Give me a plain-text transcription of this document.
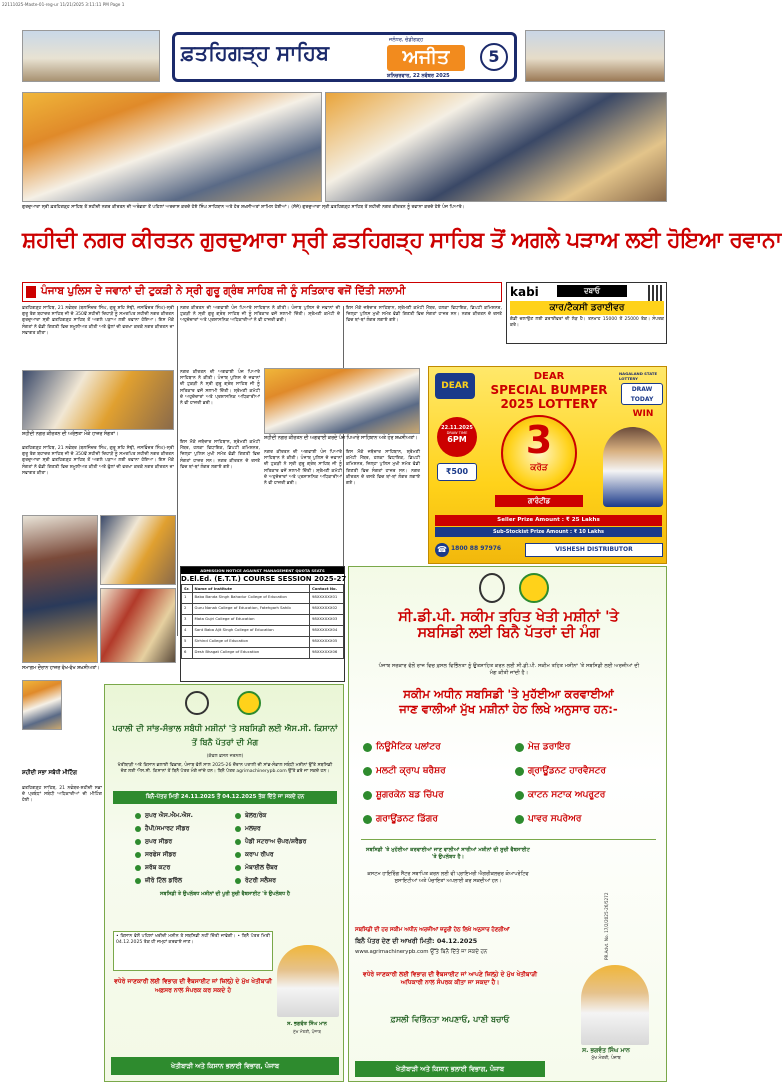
22111025-Maste-01-reg-ur 11/21/2025 3:11:11 PM Page 1
ਫ਼ਤਹਿਗੜ੍ਹ ਸਾਹਿਬ
ਜਲੰਧਰ, ਚੰਡੀਗੜ੍ਹ
ਅਜੀਤ
ਸ਼ਨਿਚਰਵਾਰ, 22 ਨਵੰਬਰ 2025
5
ਗੁਰਦੁਆਰਾ ਸ੍ਰੀ ਫ਼ਤਹਿਗੜ੍ਹ ਸਾਹਿਬ ਤੋਂ ਸ਼ਹੀਦੀ ਨਗਰ ਕੀਰਤਨ ਦੀ ਅਰੰਭਤਾ ਤੋਂ ਪਹਿਲਾਂ ਅਰਦਾਸ ਕਰਦੇ ਹੋਏ ਸਿੰਘ ਸਾਹਿਬਾਨ ਅਤੇ ਹੋਰ ਸ਼ਖ਼ਸੀਅਤਾਂ ਸ਼ਾਮਿਲ ਹੋਈਆਂ। (ਸੱਜੇ) ਗੁਰਦੁਆਰਾ ਸ੍ਰੀ ਫ਼ਤਹਿਗੜ੍ਹ ਸਾਹਿਬ ਤੋਂ ਸ਼ਹੀਦੀ ਨਗਰ ਕੀਰਤਨ ਨੂੰ ਰਵਾਨਾ ਕਰਦੇ ਹੋਏ ਪੰਜ ਪਿਆਰੇ।
ਸ਼ਹੀਦੀ ਨਗਰ ਕੀਰਤਨ ਗੁਰਦੁਆਰਾ ਸ੍ਰੀ ਫ਼ਤਹਿਗੜ੍ਹ ਸਾਹਿਬ ਤੋਂ ਅਗਲੇ ਪੜਾਅ ਲਈ ਹੋਇਆ ਰਵਾਨਾ
ਪੰਜਾਬ ਪੁਲਿਸ ਦੇ ਜਵਾਨਾਂ ਦੀ ਟੁਕੜੀ ਨੇ ਸ੍ਰੀ ਗੁਰੂ ਗ੍ਰੰਥ ਸਾਹਿਬ ਜੀ ਨੂੰ ਸਤਿਕਾਰ ਵਜੋਂ ਦਿੱਤੀ ਸਲਾਮੀ
ਫ਼ਤਹਿਗੜ੍ਹ ਸਾਹਿਬ, 21 ਨਵੰਬਰ (ਬਲਜਿੰਦਰ ਸਿੰਘ, ਗੁਰੂ ਸ਼ਹਿ ਸੋਢੀ, ਜਸਵਿੰਦਰ ਸਿੰਘ)-ਸ੍ਰੀ ਗੁਰੂ ਤੇਗ ਬਹਾਦਰ ਸਾਹਿਬ ਜੀ ਦੇ 350ਵੇਂ ਸ਼ਹੀਦੀ ਦਿਹਾੜੇ ਨੂੰ ਸਮਰਪਿਤ ਸ਼ਹੀਦੀ ਨਗਰ ਕੀਰਤਨ ਗੁਰਦੁਆਰਾ ਸ੍ਰੀ ਫ਼ਤਹਿਗੜ੍ਹ ਸਾਹਿਬ ਤੋਂ ਅਗਲੇ ਪੜਾਅ ਲਈ ਰਵਾਨਾ ਹੋਇਆ। ਇਸ ਮੌਕੇ ਸੰਗਤਾਂ ਨੇ ਵੱਡੀ ਗਿਣਤੀ ਵਿਚ ਸ਼ਮੂਲੀਅਤ ਕੀਤੀ ਅਤੇ ਫੁੱਲਾਂ ਦੀ ਵਰਖਾ ਕਰਕੇ ਨਗਰ ਕੀਰਤਨ ਦਾ ਸਵਾਗਤ ਕੀਤਾ।
ਨਗਰ ਕੀਰਤਨ ਦੀ ਅਗਵਾਈ ਪੰਜ ਪਿਆਰੇ ਸਾਹਿਬਾਨ ਨੇ ਕੀਤੀ। ਪੰਜਾਬ ਪੁਲਿਸ ਦੇ ਜਵਾਨਾਂ ਦੀ ਟੁਕੜੀ ਨੇ ਸ੍ਰੀ ਗੁਰੂ ਗ੍ਰੰਥ ਸਾਹਿਬ ਜੀ ਨੂੰ ਸਤਿਕਾਰ ਵਜੋਂ ਸਲਾਮੀ ਦਿੱਤੀ। ਸ਼੍ਰੋਮਣੀ ਕਮੇਟੀ ਦੇ ਅਹੁਦੇਦਾਰਾਂ ਅਤੇ ਪ੍ਰਸ਼ਾਸਨਿਕ ਅਧਿਕਾਰੀਆਂ ਨੇ ਵੀ ਹਾਜ਼ਰੀ ਭਰੀ।
ਇਸ ਮੌਕੇ ਜਥੇਦਾਰ ਸਾਹਿਬਾਨ, ਸ਼੍ਰੋਮਣੀ ਕਮੇਟੀ ਮੈਂਬਰ, ਹਲਕਾ ਵਿਧਾਇਕ, ਡਿਪਟੀ ਕਮਿਸ਼ਨਰ, ਜ਼ਿਲ੍ਹਾ ਪੁਲਿਸ ਮੁਖੀ ਸਮੇਤ ਵੱਡੀ ਗਿਣਤੀ ਵਿਚ ਸੰਗਤਾਂ ਹਾਜ਼ਰ ਸਨ। ਨਗਰ ਕੀਰਤਨ ਦੇ ਰਸਤੇ ਵਿਚ ਥਾਂ-ਥਾਂ ਲੰਗਰ ਲਗਾਏ ਗਏ।
ਸ਼ਹੀਦੀ ਨਗਰ ਕੀਰਤਨ ਦੀ ਅਰੰਭਤਾ ਮੌਕੇ ਹਾਜ਼ਰ ਸੰਗਤਾਂ।
ਫ਼ਤਹਿਗੜ੍ਹ ਸਾਹਿਬ, 21 ਨਵੰਬਰ (ਬਲਜਿੰਦਰ ਸਿੰਘ, ਗੁਰੂ ਸ਼ਹਿ ਸੋਢੀ, ਜਸਵਿੰਦਰ ਸਿੰਘ)-ਸ੍ਰੀ ਗੁਰੂ ਤੇਗ ਬਹਾਦਰ ਸਾਹਿਬ ਜੀ ਦੇ 350ਵੇਂ ਸ਼ਹੀਦੀ ਦਿਹਾੜੇ ਨੂੰ ਸਮਰਪਿਤ ਸ਼ਹੀਦੀ ਨਗਰ ਕੀਰਤਨ ਗੁਰਦੁਆਰਾ ਸ੍ਰੀ ਫ਼ਤਹਿਗੜ੍ਹ ਸਾਹਿਬ ਤੋਂ ਅਗਲੇ ਪੜਾਅ ਲਈ ਰਵਾਨਾ ਹੋਇਆ। ਇਸ ਮੌਕੇ ਸੰਗਤਾਂ ਨੇ ਵੱਡੀ ਗਿਣਤੀ ਵਿਚ ਸ਼ਮੂਲੀਅਤ ਕੀਤੀ ਅਤੇ ਫੁੱਲਾਂ ਦੀ ਵਰਖਾ ਕਰਕੇ ਨਗਰ ਕੀਰਤਨ ਦਾ ਸਵਾਗਤ ਕੀਤਾ।
ਨਗਰ ਕੀਰਤਨ ਦੀ ਅਗਵਾਈ ਪੰਜ ਪਿਆਰੇ ਸਾਹਿਬਾਨ ਨੇ ਕੀਤੀ। ਪੰਜਾਬ ਪੁਲਿਸ ਦੇ ਜਵਾਨਾਂ ਦੀ ਟੁਕੜੀ ਨੇ ਸ੍ਰੀ ਗੁਰੂ ਗ੍ਰੰਥ ਸਾਹਿਬ ਜੀ ਨੂੰ ਸਤਿਕਾਰ ਵਜੋਂ ਸਲਾਮੀ ਦਿੱਤੀ। ਸ਼੍ਰੋਮਣੀ ਕਮੇਟੀ ਦੇ ਅਹੁਦੇਦਾਰਾਂ ਅਤੇ ਪ੍ਰਸ਼ਾਸਨਿਕ ਅਧਿਕਾਰੀਆਂ ਨੇ ਵੀ ਹਾਜ਼ਰੀ ਭਰੀ।
ਸ਼ਹੀਦੀ ਨਗਰ ਕੀਰਤਨ ਦੀ ਅਗਵਾਈ ਕਰਦੇ ਪੰਜ ਪਿਆਰੇ ਸਾਹਿਬਾਨ ਅਤੇ ਹੋਰ ਸ਼ਖ਼ਸੀਅਤਾਂ।
ਇਸ ਮੌਕੇ ਜਥੇਦਾਰ ਸਾਹਿਬਾਨ, ਸ਼੍ਰੋਮਣੀ ਕਮੇਟੀ ਮੈਂਬਰ, ਹਲਕਾ ਵਿਧਾਇਕ, ਡਿਪਟੀ ਕਮਿਸ਼ਨਰ, ਜ਼ਿਲ੍ਹਾ ਪੁਲਿਸ ਮੁਖੀ ਸਮੇਤ ਵੱਡੀ ਗਿਣਤੀ ਵਿਚ ਸੰਗਤਾਂ ਹਾਜ਼ਰ ਸਨ। ਨਗਰ ਕੀਰਤਨ ਦੇ ਰਸਤੇ ਵਿਚ ਥਾਂ-ਥਾਂ ਲੰਗਰ ਲਗਾਏ ਗਏ।
ਇਸ ਮੌਕੇ ਜਥੇਦਾਰ ਸਾਹਿਬਾਨ, ਸ਼੍ਰੋਮਣੀ ਕਮੇਟੀ ਮੈਂਬਰ, ਹਲਕਾ ਵਿਧਾਇਕ, ਡਿਪਟੀ ਕਮਿਸ਼ਨਰ, ਜ਼ਿਲ੍ਹਾ ਪੁਲਿਸ ਮੁਖੀ ਸਮੇਤ ਵੱਡੀ ਗਿਣਤੀ ਵਿਚ ਸੰਗਤਾਂ ਹਾਜ਼ਰ ਸਨ। ਨਗਰ ਕੀਰਤਨ ਦੇ ਰਸਤੇ ਵਿਚ ਥਾਂ-ਥਾਂ ਲੰਗਰ ਲਗਾਏ ਗਏ।
ਨਗਰ ਕੀਰਤਨ ਦੀ ਅਗਵਾਈ ਪੰਜ ਪਿਆਰੇ ਸਾਹਿਬਾਨ ਨੇ ਕੀਤੀ। ਪੰਜਾਬ ਪੁਲਿਸ ਦੇ ਜਵਾਨਾਂ ਦੀ ਟੁਕੜੀ ਨੇ ਸ੍ਰੀ ਗੁਰੂ ਗ੍ਰੰਥ ਸਾਹਿਬ ਜੀ ਨੂੰ ਸਤਿਕਾਰ ਵਜੋਂ ਸਲਾਮੀ ਦਿੱਤੀ। ਸ਼੍ਰੋਮਣੀ ਕਮੇਟੀ ਦੇ ਅਹੁਦੇਦਾਰਾਂ ਅਤੇ ਪ੍ਰਸ਼ਾਸਨਿਕ ਅਧਿਕਾਰੀਆਂ ਨੇ ਵੀ ਹਾਜ਼ਰੀ ਭਰੀ।
ਸਮਾਗਮ ਦੌਰਾਨ ਹਾਜ਼ਰ ਵੱਖ-ਵੱਖ ਸ਼ਖ਼ਸੀਅਤਾਂ।
ਸ਼ਹੀਦੀ ਸਭਾ ਸਬੰਧੀ ਮੀਟਿੰਗ
ਫ਼ਤਹਿਗੜ੍ਹ ਸਾਹਿਬ, 21 ਨਵੰਬਰ-ਸ਼ਹੀਦੀ ਸਭਾ ਦੇ ਪ੍ਰਬੰਧਾਂ ਸਬੰਧੀ ਅਧਿਕਾਰੀਆਂ ਦੀ ਮੀਟਿੰਗ ਹੋਈ।
kabi	ਦਬਾਓ
ਕਾਰ/ਟੈਕਸੀ ਡਰਾਈਵਰ
ਗੱਡੀ ਚਲਾਉਣ ਲਈ ਡਰਾਈਵਰਾਂ ਦੀ ਲੋੜ ਹੈ। ਤਨਖਾਹ 15000 ਤੋਂ 25000 ਤੱਕ। ਸੰਪਰਕ ਕਰੋ।
DEAR
DEAR
SPECIAL BUMPER
2025 LOTTERY
NAGALAND STATE LOTTERY
DRAW TODAY
22.11.2025
DRAW TIME
6PM
₹500
3
ਕਰੋੜ
ਗਾਰੰਟੀਡ
WIN
Seller Prize Amount : ₹ 25 Lakhs
Sub-Stockist Prize Amount : ₹ 10 Lakhs
☎ 1800 88 97976	VISHESH DISTRIBUTOR
ADMISSION NOTICE AGAINST MANAGEMENT QUOTA SEATS
D.El.Ed. (E.T.T.) COURSE SESSION 2025-27
Sr.	Name of Institute	Contact No.
1	Baba Banda Singh Bahadur College of Education	98XXXXXX01
2	Guru Nanak College of Education, Fatehgarh Sahib	98XXXXXX02
3	Mata Gujri College of Education	98XXXXXX03
4	Sant Baba Ajit Singh College of Education	98XXXXXX04
5	Sirhind College of Education	98XXXXXX05
6	Desh Bhagat College of Education	98XXXXXX06
ਪਰਾਲੀ ਦੀ ਸਾਂਭ-ਸੰਭਾਲ ਸਬੰਧੀ ਮਸ਼ੀਨਾਂ 'ਤੇ ਸਬਸਿਡੀ ਲਈ ਐਸ.ਸੀ. ਕਿਸਾਨਾਂ ਤੋਂ ਬਿਨੈ ਪੱਤਰਾਂ ਦੀ ਮੰਗ
(ਕੇਵਲ ਫ਼ਸਲ ਜਰਨਲ)
ਖੇਤੀਬਾੜੀ ਅਤੇ ਕਿਸਾਨ ਭਲਾਈ ਵਿਭਾਗ, ਪੰਜਾਬ ਵੱਲੋਂ ਸਾਲ 2025-26 ਦੌਰਾਨ ਪਰਾਲੀ ਦੀ ਸਾਂਭ-ਸੰਭਾਲ ਸਬੰਧੀ ਮਸ਼ੀਨਾਂ ਉੱਤੇ ਸਬਸਿਡੀ ਦੇਣ ਲਈ ਐਸ.ਸੀ. ਕਿਸਾਨਾਂ ਤੋਂ ਬਿਨੈ ਪੱਤਰ ਮੰਗੇ ਜਾਂਦੇ ਹਨ। ਬਿਨੈ ਪੱਤਰ agrimachinerypb.com ਉੱਤੇ ਭਰੇ ਜਾ ਸਕਦੇ ਹਨ।
ਬਿਨੈ-ਪੱਤਰ ਮਿਤੀ 24.11.2025 ਤੋਂ 04.12.2025 ਤੱਕ ਦਿੱਤੇ ਜਾ ਸਕਦੇ ਹਨ
ਸੁਪਰ ਐਸ.ਐਮ.ਐਸ.
ਹੈਪੀ/ਸਮਾਰਟ ਸੀਡਰ
ਸੁਪਰ ਸੀਡਰ
ਸਰਫੇਸ ਸੀਡਰ
ਸ਼ਰੱਬ ਕਟਰ
ਜ਼ੀਰੋ ਟਿੱਲ ਡਰਿੱਲ
ਬੇਲਰ/ਰੇਕ
ਮਲਚਰ
ਪੈਡੀ ਸਟਰਾਅ ਚੌਪਰ/ਸ਼ਰੈਡਰ
ਕਰਾਪ ਰੀਪਰ
ਮੋਬਾਈਲ ਚੈਂਬਰ
ਰੋਟਰੀ ਸਲੈਸ਼ਰ
ਸਬਸਿਡੀ ਤੇ ਉਪਲੱਬਧ ਮਸ਼ੀਨਾਂ ਦੀ ਪੂਰੀ ਸੂਚੀ ਵੈਬਸਾਈਟ 'ਤੇ ਉਪਲੱਬਧ ਹੈ
• ਕਿਸਾਨ ਵੱਲੋਂ ਪਹਿਲਾਂ ਖਰੀਦੀ ਮਸ਼ੀਨ ਤੇ ਸਬਸਿਡੀ ਨਹੀਂ ਦਿੱਤੀ ਜਾਵੇਗੀ। • ਬਿਨੈ ਪੱਤਰ ਮਿਤੀ 04.12.2025 ਤੱਕ ਹੀ ਜਮ੍ਹਾਂ ਕਰਵਾਏ ਜਾਣ।
ਵਧੇਰੇ ਜਾਣਕਾਰੀ ਲਈ ਵਿਭਾਗ ਦੀ ਵੈਬਸਾਈਟ ਜਾਂ ਜ਼ਿਲ੍ਹੇ ਦੇ ਮੁੱਖ ਖੇਤੀਬਾੜੀ ਅਫ਼ਸਰ ਨਾਲ ਸੰਪਰਕ ਕਰ ਸਕਦੇ ਹੋ
ਸ. ਭਗਵੰਤ ਸਿੰਘ ਮਾਨ
ਮੁੱਖ ਮੰਤਰੀ, ਪੰਜਾਬ
ਖੇਤੀਬਾੜੀ ਅਤੇ ਕਿਸਾਨ ਭਲਾਈ ਵਿਭਾਗ, ਪੰਜਾਬ
ਸੀ.ਡੀ.ਪੀ. ਸਕੀਮ ਤਹਿਤ ਖੇਤੀ ਮਸ਼ੀਨਾਂ 'ਤੇ
ਸਬਸਿਡੀ ਲਈ ਬਿਨੈ ਪੱਤਰਾਂ ਦੀ ਮੰਗ
ਪੰਜਾਬ ਸਰਕਾਰ ਵੱਲੋਂ ਰਾਜ ਵਿਚ ਫ਼ਸਲ ਵਿਭਿੰਨਤਾ ਨੂੰ ਉਤਸ਼ਾਹਿਤ ਕਰਨ ਲਈ ਸੀ.ਡੀ.ਪੀ. ਸਕੀਮ ਤਹਿਤ ਮਸ਼ੀਨਾਂ 'ਤੇ ਸਬਸਿਡੀ ਲਈ ਅਰਜ਼ੀਆਂ ਦੀ ਮੰਗ ਕੀਤੀ ਜਾਂਦੀ ਹੈ।
ਸਕੀਮ ਅਧੀਨ ਸਬਸਿਡੀ 'ਤੇ ਮੁਹੱਈਆ ਕਰਵਾਈਆਂ
ਜਾਣ ਵਾਲੀਆਂ ਮੁੱਖ ਮਸ਼ੀਨਾਂ ਹੇਠ ਲਿਖੇ ਅਨੁਸਾਰ ਹਨ:-
ਨਿਊਮੈਟਿਕ ਪਲਾਂਟਰ
ਮਲਟੀ ਕ੍ਰਾਪ ਥਰੈਸ਼ਰ
ਸ਼ੂਗਰਕੇਨ ਬਡ ਚਿੱਪਰ
ਗਰਾਊਂਡਨਟ ਡਿੱਗਰ
ਮੇਜ਼ ਡਰਾਇਰ
ਗ੍ਰਾਊਂਡਨਟ ਹਾਰਵੈਸਟਰ
ਕਾਟਨ ਸਟਾਕ ਅਪਰੂਟਰ
ਪਾਵਰ ਸਪਰੇਅਰ
ਸਬਸਿਡੀ 'ਤੇ ਮੁਹੱਈਆ ਕਰਵਾਈਆਂ ਜਾਣ ਵਾਲੀਆਂ ਸਾਰੀਆਂ ਮਸ਼ੀਨਾਂ ਦੀ ਸੂਚੀ ਵੈਬਸਾਈਟ 'ਤੇ ਉਪਲੱਬਧ ਹੈ।
ਕਸਟਮ ਹਾਇਰਿੰਗ ਸੈਂਟਰ ਸਥਾਪਿਤ ਕਰਨ ਲਈ ਵੀ ਪ੍ਰਾਇਮਰੀ ਐਗਰੀਕਲਚਰ ਕੋਆਪਰੇਟਿਵ ਸੁਸਾਇਟੀਆਂ ਅਤੇ ਪੰਚਾਇਤਾਂ ਅਪਲਾਈ ਕਰ ਸਕਦੀਆਂ ਹਨ।
ਸਬਸਿਡੀ ਦੀ ਹਰ ਸਕੀਮ ਅਧੀਨ ਅਰਜ਼ੀਆਂ ਜ਼ਰੂਰੀ ਹੇਠ ਲਿਖੇ ਅਨੁਸਾਰ ਹੋਣਗੀਆਂ
ਬਿਨੈ ਪੱਤਰ ਦੇਣ ਦੀ ਆਖਰੀ ਮਿਤੀ: 04.12.2025
www.agrimachinerypb.com ਉੱਤੇ ਬਿਨੈ ਦਿੱਤੇ ਜਾ ਸਕਦੇ ਹਨ
ਵਧੇਰੇ ਜਾਣਕਾਰੀ ਲਈ ਵਿਭਾਗ ਦੀ ਵੈਬਸਾਈਟ ਜਾਂ ਆਪਣੇ ਜ਼ਿਲ੍ਹੇ ਦੇ ਮੁੱਖ ਖੇਤੀਬਾੜੀ ਅਧਿਕਾਰੀ ਨਾਲ ਸੰਪਰਕ ਕੀਤਾ ਜਾ ਸਕਦਾ ਹੈ।
ਫ਼ਸਲੀ ਵਿਭਿੰਨਤਾ ਅਪਣਾਓ, ਪਾਣੀ ਬਚਾਓ
ਸ. ਭਗਵੰਤ ਸਿੰਘ ਮਾਨ
ਮੁੱਖ ਮੰਤਰੀ, ਪੰਜਾਬ
ਖੇਤੀਬਾੜੀ ਅਤੇ ਕਿਸਾਨ ਭਲਾਈ ਵਿਭਾਗ, ਪੰਜਾਬ
PR.Advt. No. 17/2/2025-26/5272
